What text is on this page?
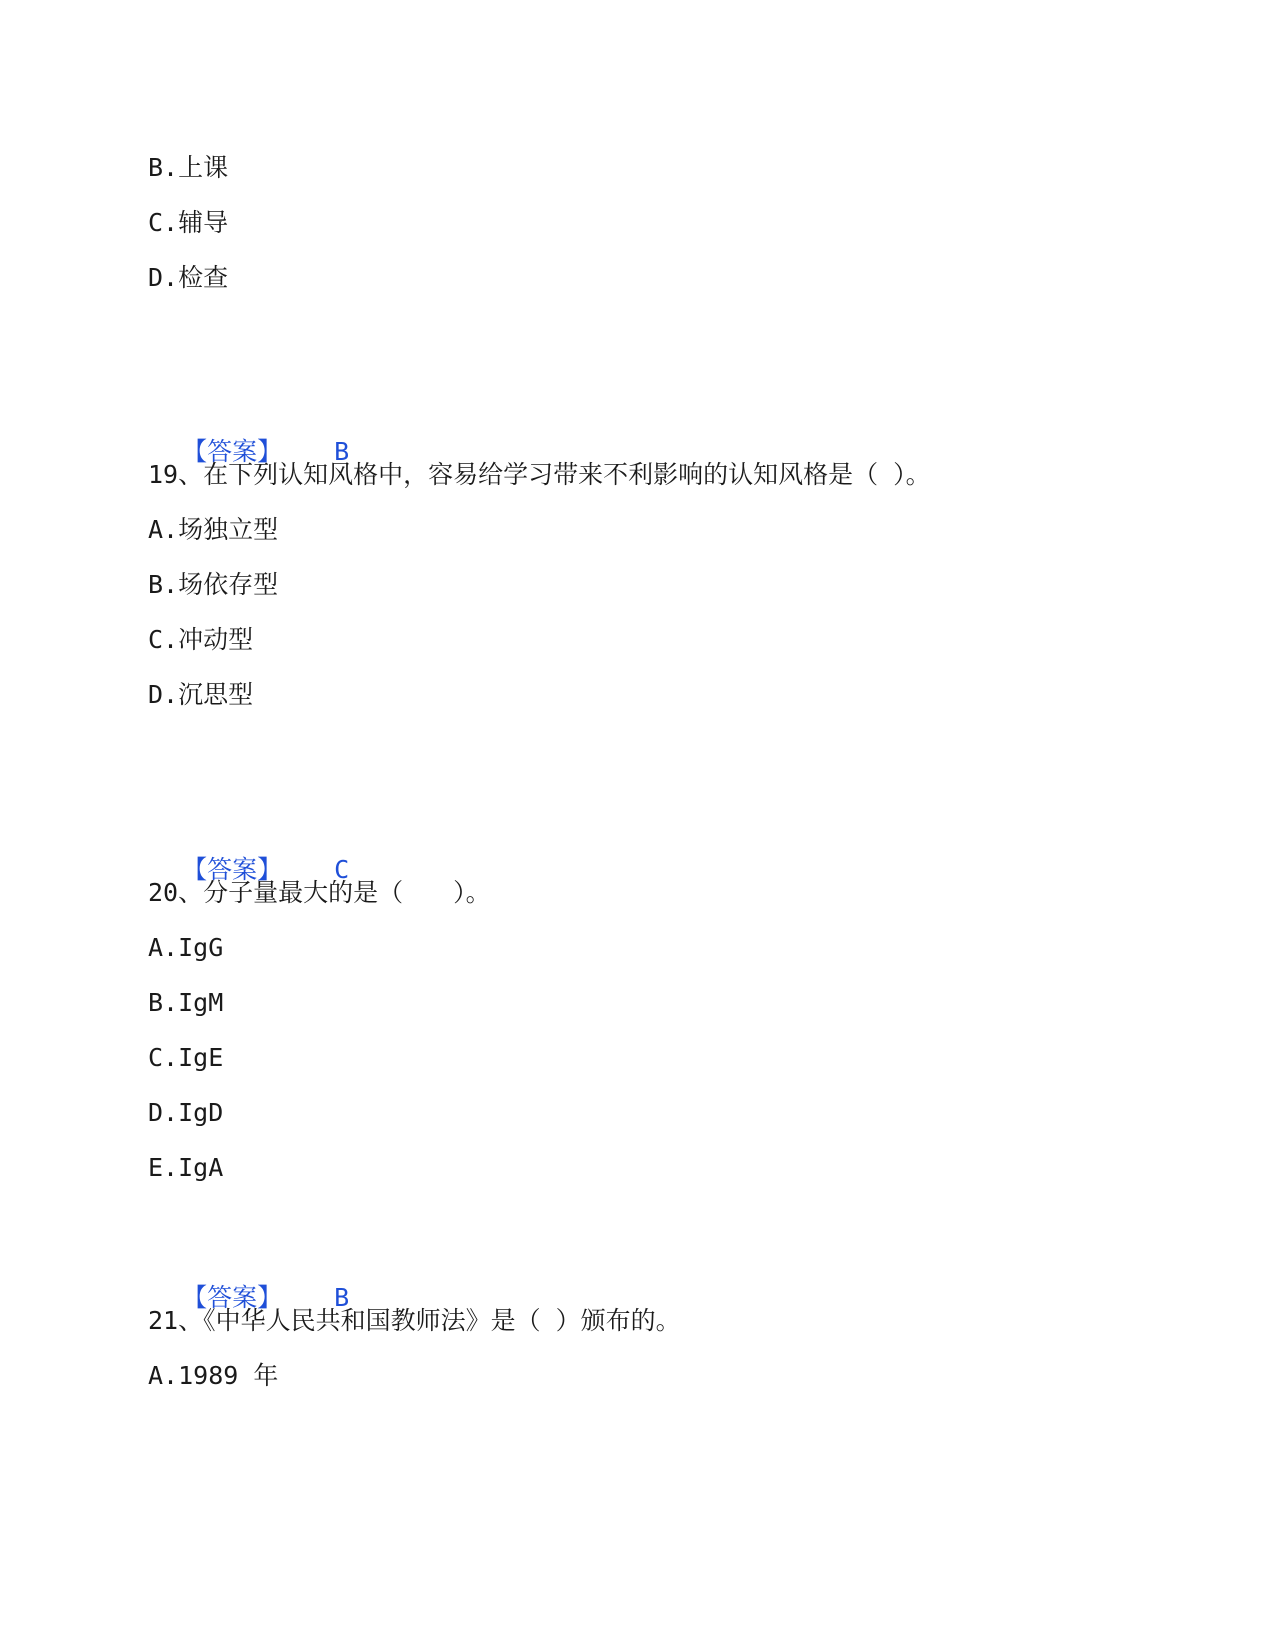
B.上课
C.辅导
D.检查

【答案】 B

19、在下列认知风格中，容易给学习带来不利影响的认知风格是（ ）。
A.场独立型
B.场依存型
C.冲动型
D.沉思型

【答案】 C

20、分子量最大的是（　　）。
A.IgG
B.IgM
C.IgE
D.IgD
E.IgA

【答案】 B

21、《中华人民共和国教师法》是（ ）颁布的。
A.1989 年
